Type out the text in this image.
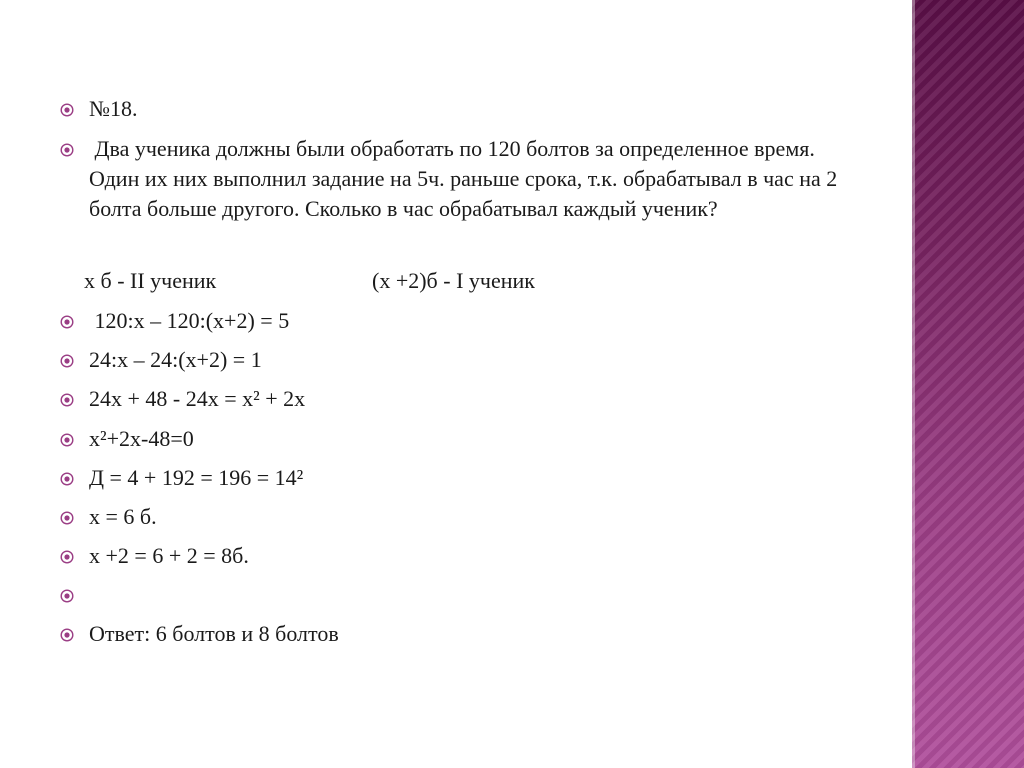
№18.
Два ученика должны были обработать по 120 болтов за определенное время. Один их них выполнил задание на 5ч. раньше срока, т.к. обрабатывал в час на 2 болта больше другого. Сколько в час обрабатывал каждый ученик?
х б - II ученик	(х +2)б - I ученик
120:х – 120:(х+2) = 5
24:х – 24:(х+2) = 1
24х + 48 - 24х = х² + 2х
х²+2х-48=0
Д = 4 + 192 = 196 = 14²
х = 6 б.
х +2 = 6 + 2 = 8б.
Ответ: 6 болтов и 8 болтов
